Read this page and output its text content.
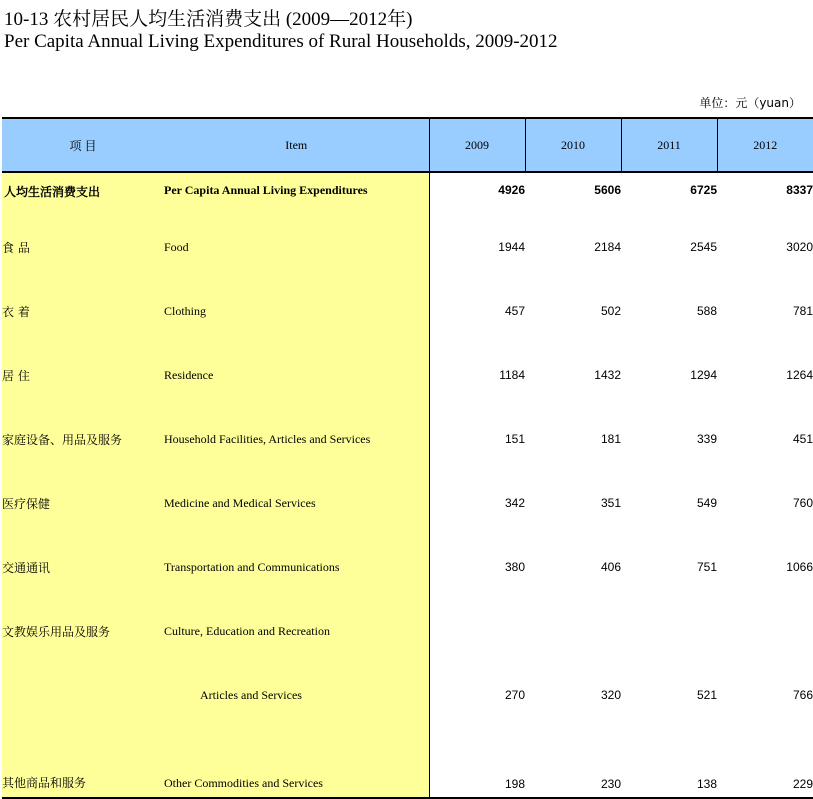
10-13 农村居民人均生活消费支出 (2009—2012年)
Per Capita Annual Living Expenditures of Rural Households, 2009-2012
单位：元（yuan）
项 目	Item	2009	2010	2011	2012
人均生活消费支出	Per Capita Annual Living Expenditures	4926	5606	6725	8337
食 品	Food	1944	2184	2545	3020
衣 着	Clothing	457	502	588	781
居 住	Residence	1184	1432	1294	1264
家庭设备、用品及服务	Household Facilities, Articles and Services	151	181	339	451
医疗保健	Medicine and Medical Services	342	351	549	760
交通通讯	Transportation and Communications	380	406	751	1066
文教娱乐用品及服务	Culture, Education and Recreation				
	Articles and Services	270	320	521	766
其他商品和服务	Other Commodities and Services	198	230	138	229
